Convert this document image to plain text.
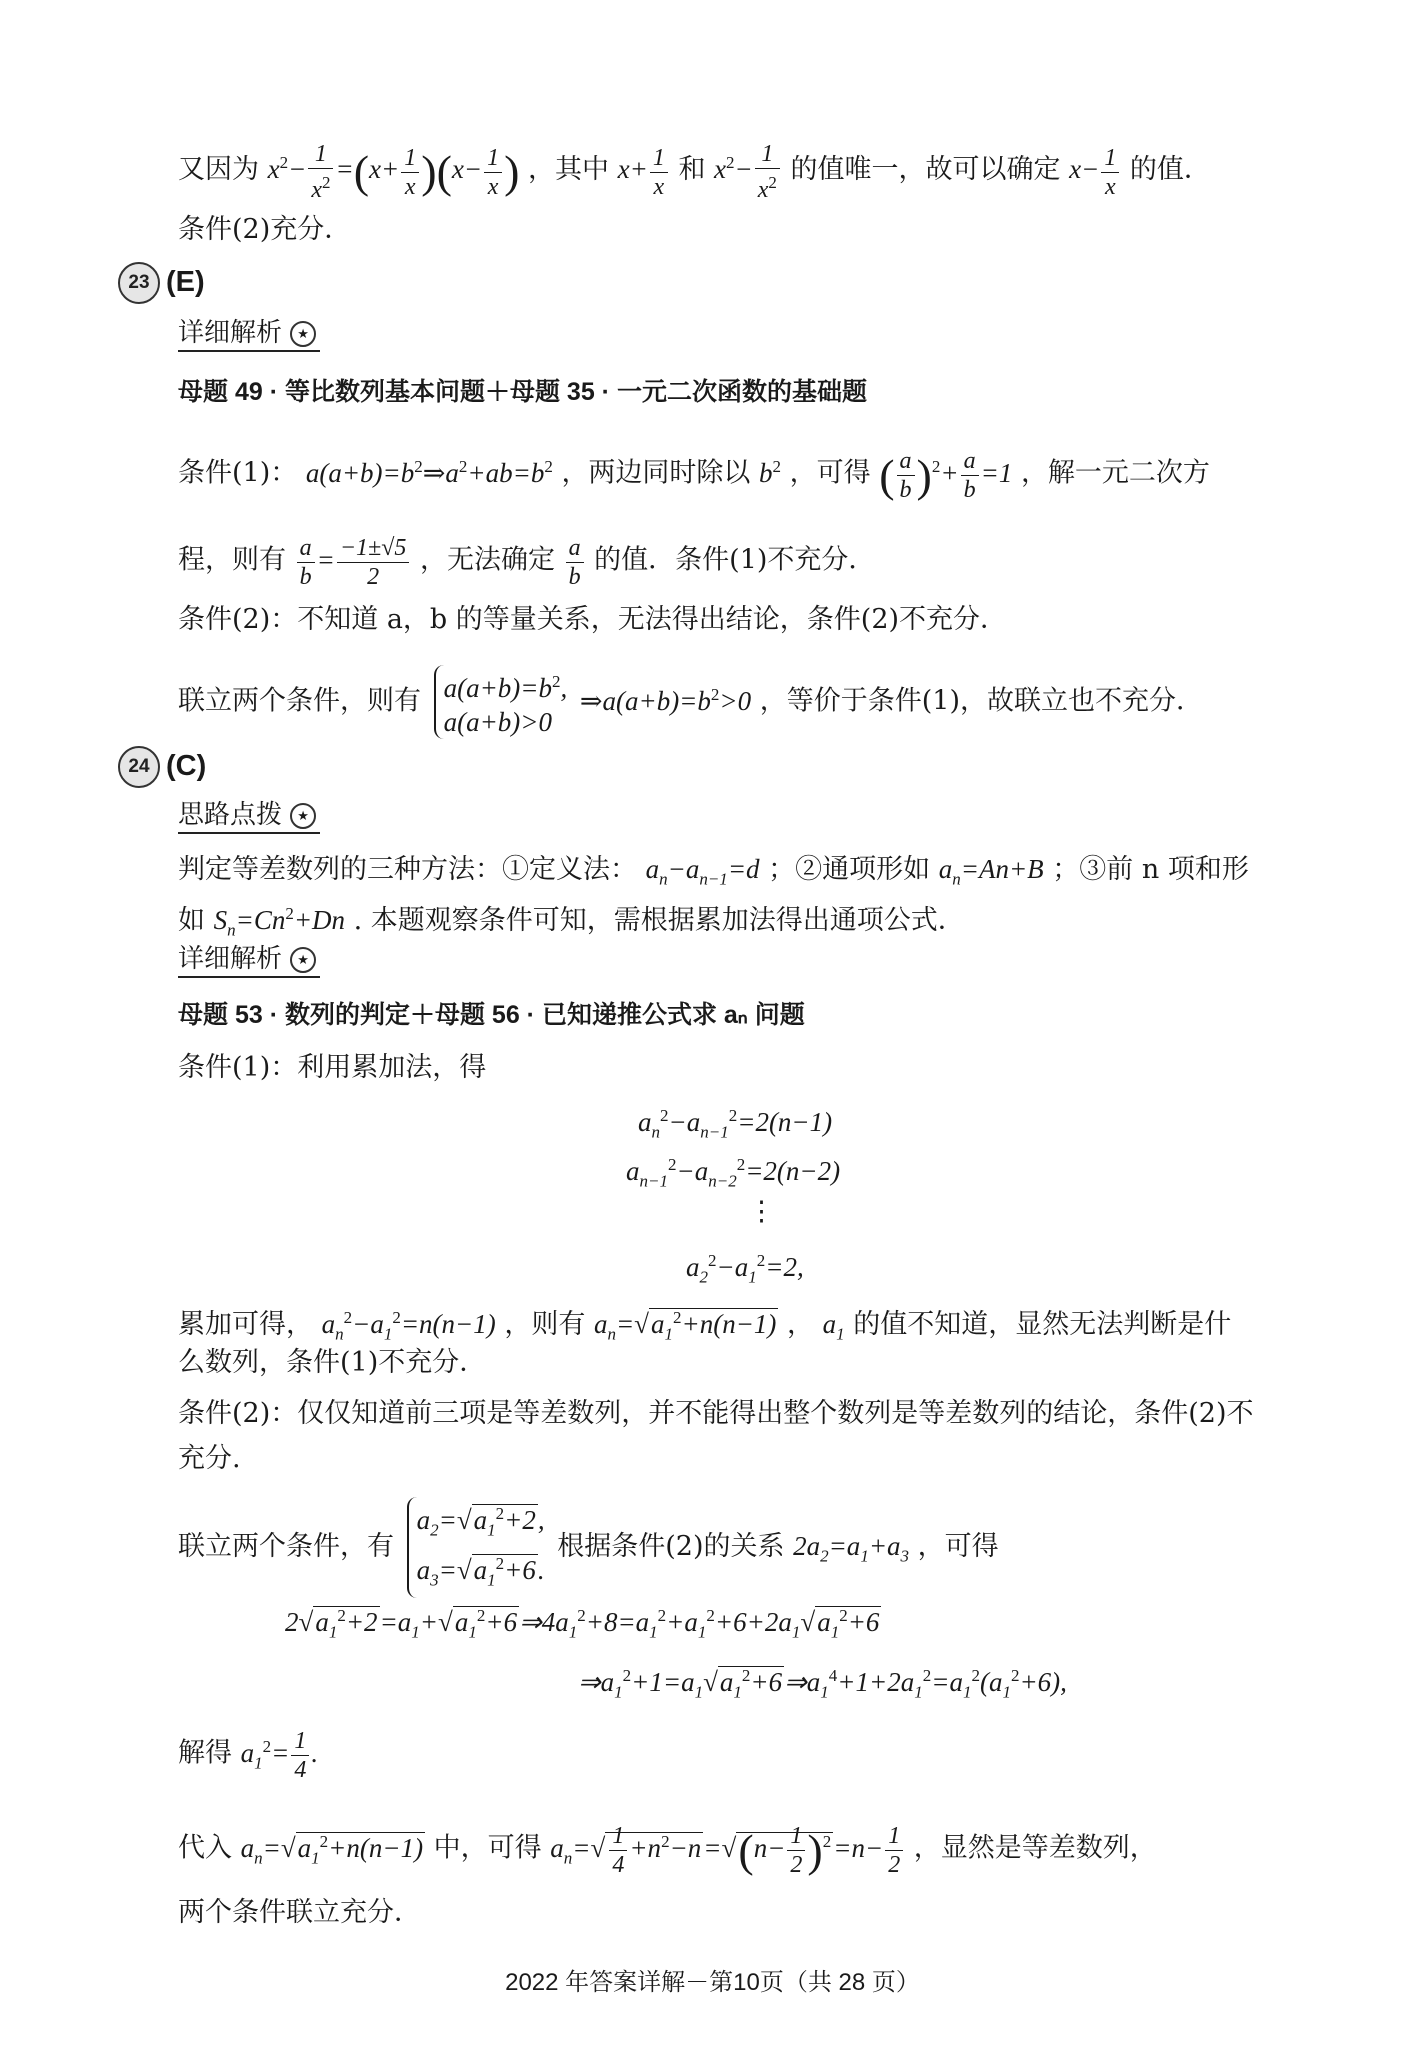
又因为 $x^2- \frac{1}{x^2} =(x+ \frac{1}{x} )(x- \frac{1}{x}$ ) ，其中 $x+ \frac{1}{x}$ 和 $x^2- \frac{1}{x^2}$ 的值唯一，故可以确定 $x- \frac{1}{x}$ 的值．
条件(2)充分．
23 (E)
详细解析 ★
母题 49 · 等比数列基本问题＋母题 35 · 一元二次函数的基础题
条件(1)： $a(a+b)=b^2\Rightarrow a^2+ab=b^2$ ，两边同时除以 $b^2$ ，可得 ( $\frac{a}{b} )^2+ \frac{a}{b} =1$ ，解一元二次方
程，则有 $\frac{a}{b} = \frac{-1\pm√5}{2}$ ，无法确定 $\frac{a}{b}$ 的值．条件(1)不充分．
条件(2)：不知道 a，b 的等量关系，无法得出结论，条件(2)不充分．
联立两个条件，则有 $a(a+b)=b^2$,
a(a+b)>0 $\Rightarrow a(a+b)=b^2>0$ ，等价于条件(1)，故联立也不充分．
24 (C)
思路点拨 ★
判定等差数列的三种方法：①定义法： $a_n-a_{n-1}=d$ ；②通项形如 $a_n=An+B$ ；③前 n 项和形
如 $S_n=Cn^2+Dn$ . 本题观察条件可知，需根据累加法得出通项公式．
详细解析 ★
母题 53 · 数列的判定＋母题 56 · 已知递推公式求 aₙ 问题
条件(1)：利用累加法，得
$a_n^2-a_{n-1}^2=2(n-1)$
$a_{n-1}^2-a_{n-2}^2=2(n-2)$
⋮
$a_2^2-a_1^2=2$,
累加可得， $a_n^2-a_1^2=n(n-1)$ ，则有 $a_n=√a_1^2+n(n-1)$ ， $a_1$ 的值不知道，显然无法判断是什
么数列，条件(1)不充分．
条件(2)：仅仅知道前三项是等差数列，并不能得出整个数列是等差数列的结论，条件(2)不
充分.
联立两个条件，有 $a_2=√a_1^2+2$,
$a_3=√a_1^2+6$. 根据条件(2)的关系 $2a_2=a_1+a_3$ ，可得
$2√a_1^2+2=a_1+√a_1^2+6\Rightarrow 4a_1^2+8=a_1^2+a_1^2+6+2a_1√a_1^2+6$
$\Rightarrow a_1^2+1=a_1√a_1^2+6\Rightarrow a_1^4+1+2a_1^2=a_1^2(a_1^2+6)$,
解得 $a_1^2= \frac{1}{4}$ .
代入 $a_n=√a_1^2+n(n-1)$ 中，可得 $a_n=√ \frac{1}{4} +n^2-n=√(n- \frac{1}{2} )^2=n- \frac{1}{2}$ ，显然是等差数列，
两个条件联立充分．
2022 年答案详解－第10页（共 28 页）
